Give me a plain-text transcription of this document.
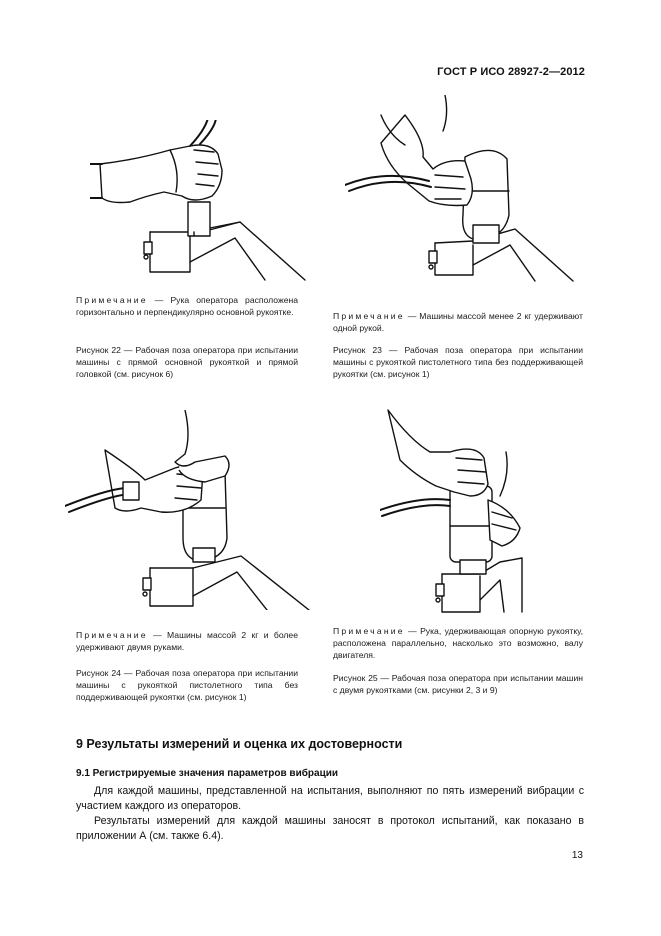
ГОСТ Р ИСО 28927-2—2012
Примечание — Рука оператора расположена горизонтально и перпендикулярно основной рукоятке.
Рисунок 22 — Рабочая поза оператора при испытании машины с прямой основной рукояткой и прямой головкой (см. рисунок 6)
Примечание — Машины массой менее 2 кг удерживают одной рукой.
Рисунок 23 — Рабочая поза оператора при испытании машины с рукояткой пистолетного типа без поддерживающей рукоятки (см. рисунок 1)
Примечание — Машины массой 2 кг и более удерживают двумя руками.
Рисунок 24 — Рабочая поза оператора при испытании машины с рукояткой пистолетного типа без поддерживающей рукоятки (см. рисунок 1)
Примечание — Рука, удерживающая опорную рукоятку, расположена параллельно, насколько это возможно, валу двигателя.
Рисунок 25 — Рабочая поза оператора при испытании машин с двумя рукоятками (см. рисунки 2, 3 и 9)
9 Результаты измерений и оценка их достоверности
9.1 Регистрируемые значения параметров вибрации
Для каждой машины, представленной на испытания, выполняют по пять измерений вибрации с участием каждого из операторов.
Результаты измерений для каждой машины заносят в протокол испытаний, как показано в приложении А (см. также 6.4).
13
